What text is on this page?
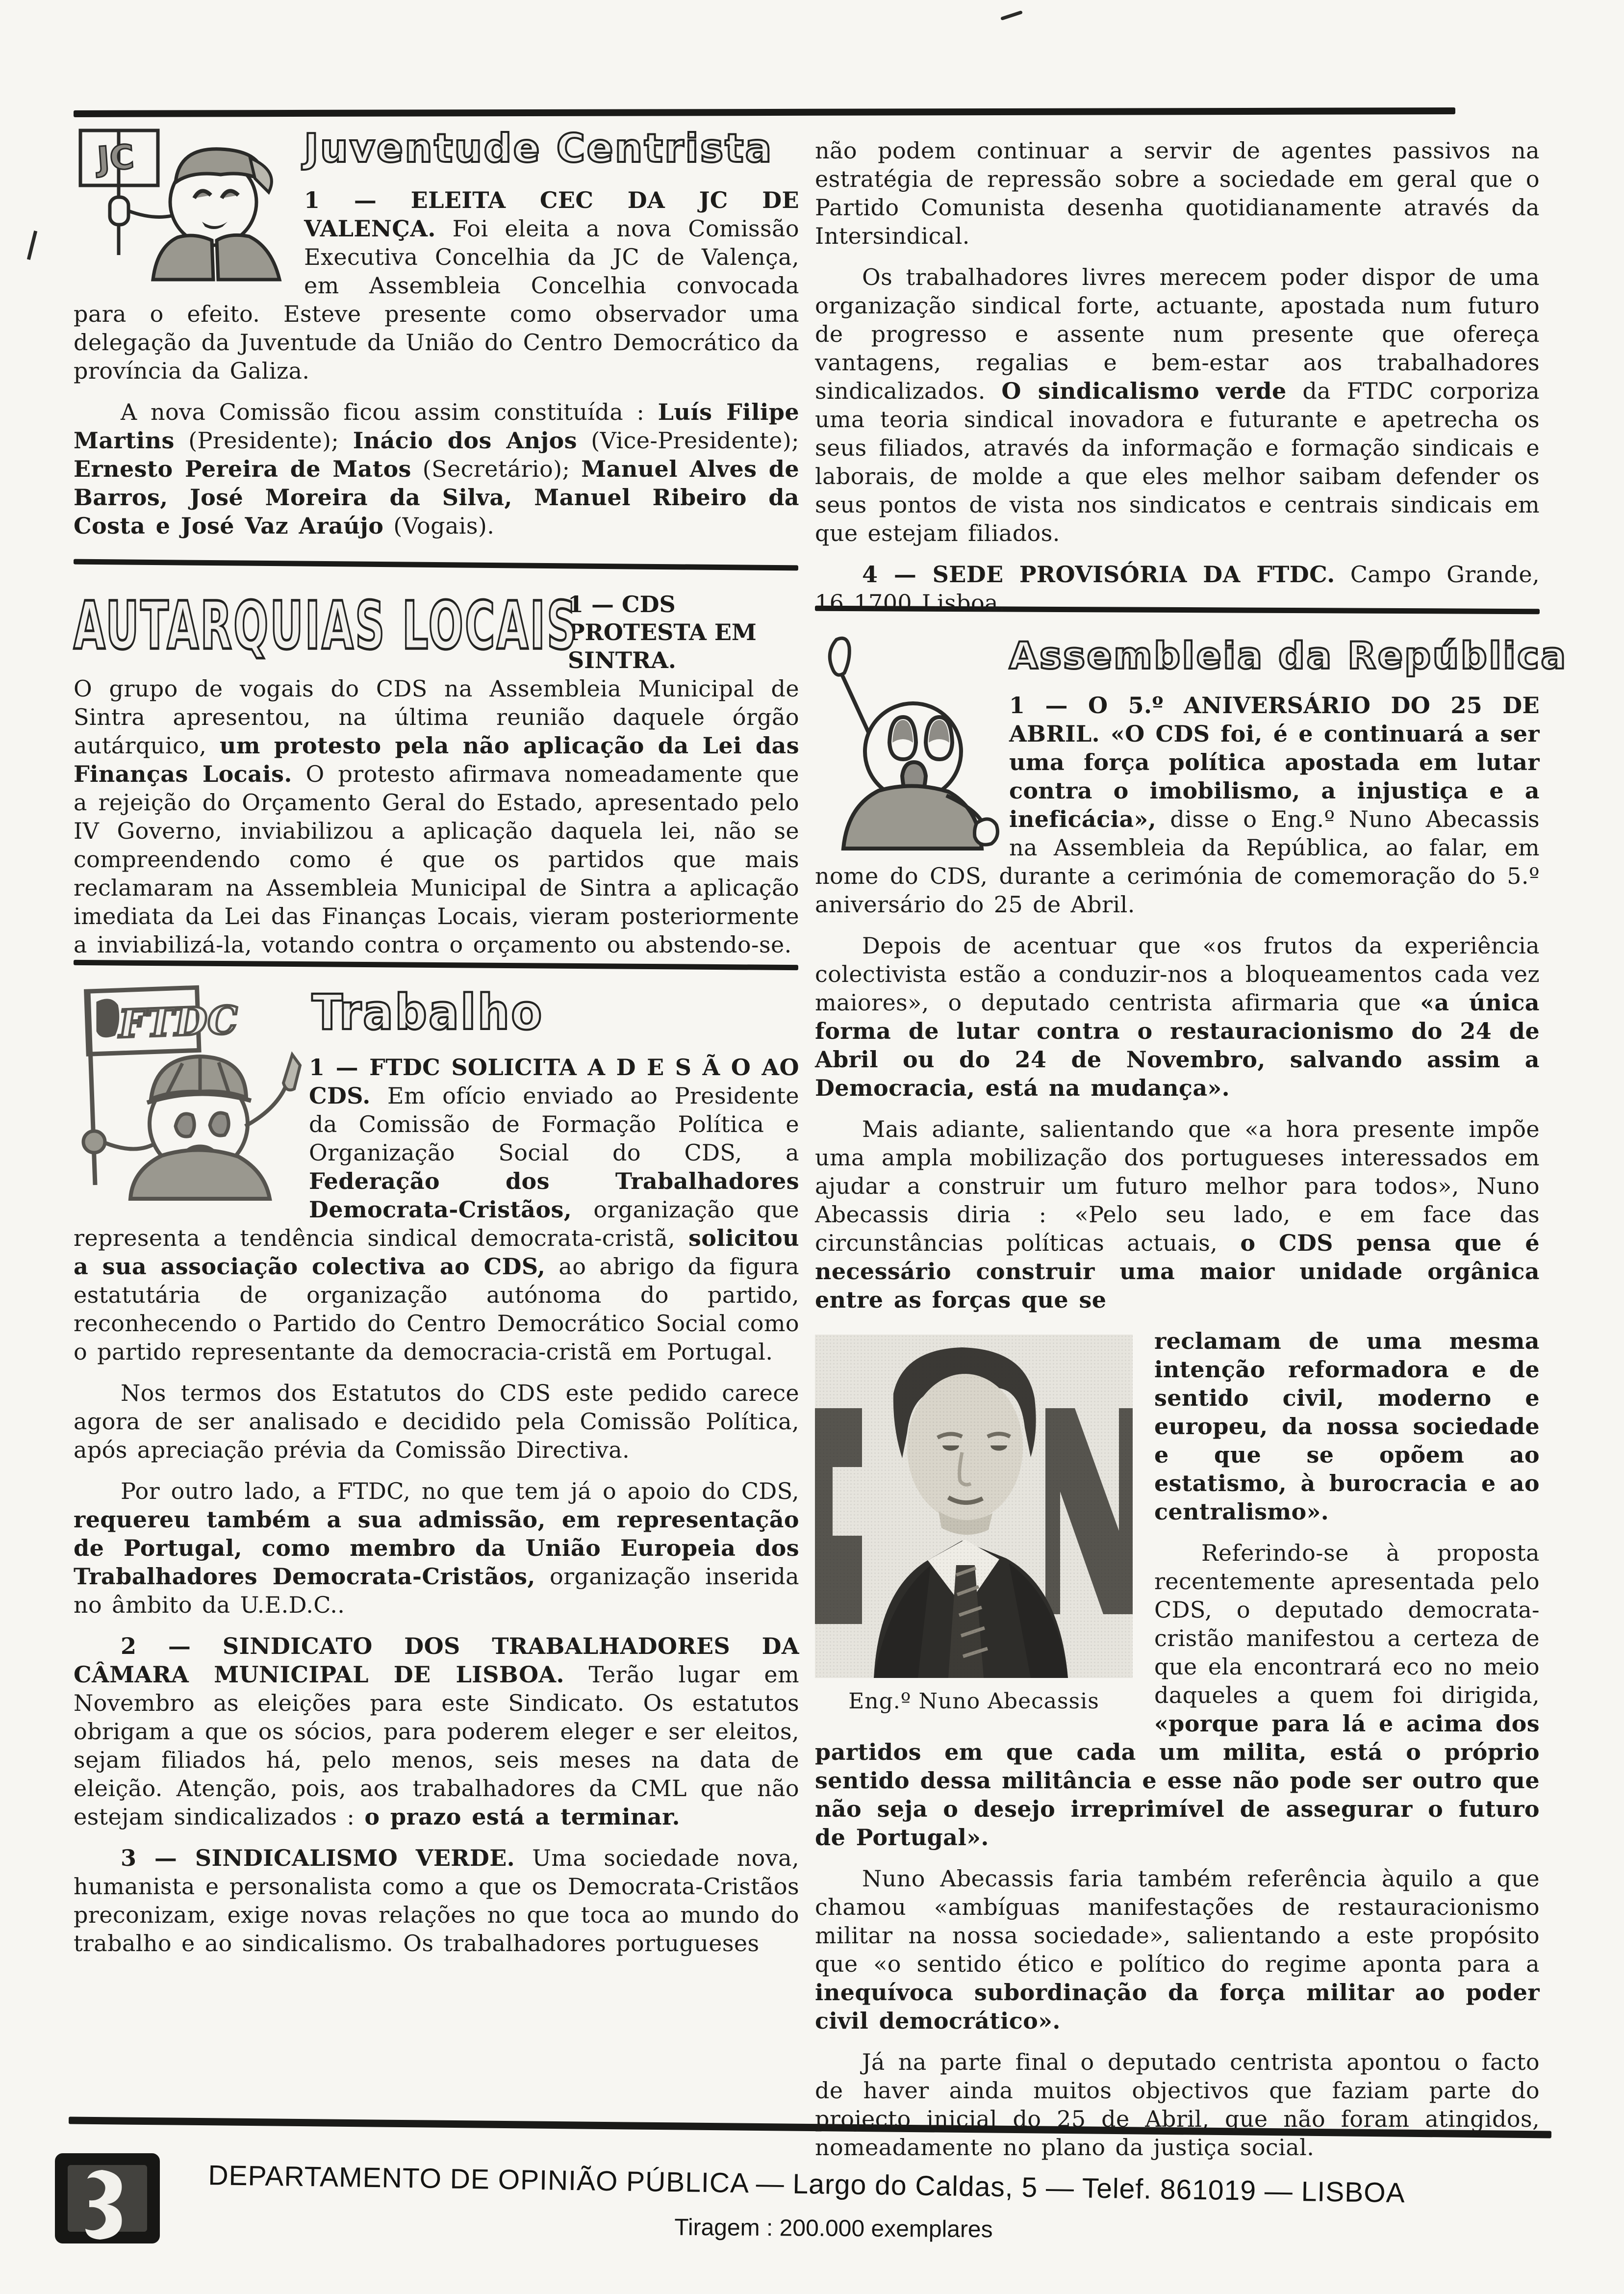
JC	Juventude Centrista

1 — ELEITA CEC DA JC DE VALENÇA. Foi eleita a nova Comissão Executiva Concelhia da JC de Valença, em Assembleia Concelhia convocada para o efeito. Esteve presente como observador uma delegação da Juventude da União do Centro Democrático da província da Galiza.

A nova Comissão ficou assim constituída : Luís Filipe Martins (Presidente); Inácio dos Anjos (Vice-Presidente); Ernesto Pereira de Matos (Secretário); Manuel Alves de Barros, José Moreira da Silva, Manuel Ribeiro da Costa e José Vaz Araújo (Vogais).

AUTARQUIAS LOCAIS
1 — CDS PROTESTA EM SINTRA.

O grupo de vogais do CDS na Assembleia Municipal de Sintra apresentou, na última reunião daquele órgão autárquico, um protesto pela não aplicação da Lei das Finanças Locais. O protesto afirmava nomeadamente que a rejeição do Orçamento Geral do Estado, apresentado pelo IV Governo, inviabilizou a aplicação daquela lei, não se compreendendo como é que os partidos que mais reclamaram na Assembleia Municipal de Sintra a aplicação imediata da Lei das Finanças Locais, vieram posteriormente a inviabilizá-la, votando contra o orçamento ou abstendo-se.

FTDC Trabalho

1 — FTDC SOLICITA A D E S Ã O AO CDS. Em ofício enviado ao Presidente da Comissão de Formação Política e Organização Social do CDS, a Federação dos Trabalhadores Democrata-Cristãos, organização que representa a tendência sindical democrata-cristã, solicitou a sua associação colectiva ao CDS, ao abrigo da figura estatutária de organização autónoma do partido, reconhecendo o Partido do Centro Democrático Social como o partido representante da democracia-cristã em Portugal.

Nos termos dos Estatutos do CDS este pedido carece agora de ser analisado e decidido pela Comissão Política, após apreciação prévia da Comissão Directiva.

Por outro lado, a FTDC, no que tem já o apoio do CDS, requereu também a sua admissão, em representação de Portugal, como membro da União Europeia dos Trabalhadores Democrata-Cristãos, organização inserida no âmbito da U.E.D.C..

2 — SINDICATO DOS TRABALHADORES DA CÂMARA MUNICIPAL DE LISBOA. Terão lugar em Novembro as eleições para este Sindicato. Os estatutos obrigam a que os sócios, para poderem eleger e ser eleitos, sejam filiados há, pelo menos, seis meses na data de eleição. Atenção, pois, aos trabalhadores da CML que não estejam sindicalizados : o prazo está a terminar.

3 — SINDICALISMO VERDE. Uma sociedade nova, humanista e personalista como a que os Democrata-Cristãos preconizam, exige novas relações no que toca ao mundo do trabalho e ao sindicalismo. Os trabalhadores portugueses

não podem continuar a servir de agentes passivos na estratégia de repressão sobre a sociedade em geral que o Partido Comunista desenha quotidianamente através da Intersindical.

Os trabalhadores livres merecem poder dispor de uma organização sindical forte, actuante, apostada num futuro de progresso e assente num presente que ofereça vantagens, regalias e bem-estar aos trabalhadores sindicalizados. O sindicalismo verde da FTDC corporiza uma teoria sindical inovadora e futurante e apetrecha os seus filiados, através da informação e formação sindicais e laborais, de molde a que eles melhor saibam defender os seus pontos de vista nos sindicatos e centrais sindicais em que estejam filiados.

4 — SEDE PROVISÓRIA DA FTDC. Campo Grande, 16 1700 Lisboa.

Assembleia da República

1 — O 5.º ANIVERSÁRIO DO 25 DE ABRIL. «O CDS foi, é e continuará a ser uma força política apostada em lutar contra o imobilismo, a injustiça e a ineficácia», disse o Eng.º Nuno Abecassis na Assembleia da República, ao falar, em nome do CDS, durante a cerimónia de comemoração do 5.º aniversário do 25 de Abril.

Depois de acentuar que «os frutos da experiência colectivista estão a conduzir-nos a bloqueamentos cada vez maiores», o deputado centrista afirmaria que «a única forma de lutar contra o restauracionismo do 24 de Abril ou do 24 de Novembro, salvando assim a Democracia, está na mudança».

Mais adiante, salientando que «a hora presente impõe uma ampla mobilização dos portugueses interessados em ajudar a construir um futuro melhor para todos», Nuno Abecassis diria : «Pelo seu lado, e em face das circunstâncias políticas actuais, o CDS pensa que é necessário construir uma maior unidade orgânica entre as forças que se

Eng.º Nuno Abecassis

reclamam de uma mesma intenção reformadora e de sentido civil, moderno e europeu, da nossa sociedade e que se opõem ao estatismo, à burocracia e ao centralismo».

Referindo-se à proposta recentemente apresentada pelo CDS, o deputado democrata-cristão manifestou a certeza de que ela encontrará eco no meio daqueles a quem foi dirigida, «porque para lá e acima dos partidos em que cada um milita, está o próprio sentido dessa militância e esse não pode ser outro que não seja o desejo irreprimível de assegurar o futuro de Portugal».

Nuno Abecassis faria também referência àquilo a que chamou «ambíguas manifestações de restauracionismo militar na nossa sociedade», salientando a este propósito que «o sentido ético e político do regime aponta para a inequívoca subordinação da força militar ao poder civil democrático».

Já na parte final o deputado centrista apontou o facto de haver ainda muitos objectivos que faziam parte do projecto inicial do 25 de Abril, que não foram atingidos, nomeadamente no plano da justiça social.

DEPARTAMENTO DE OPINIÃO PÚBLICA — Largo do Caldas, 5 — Telef. 861019 — LISBOA
Tiragem : 200.000 exemplares
